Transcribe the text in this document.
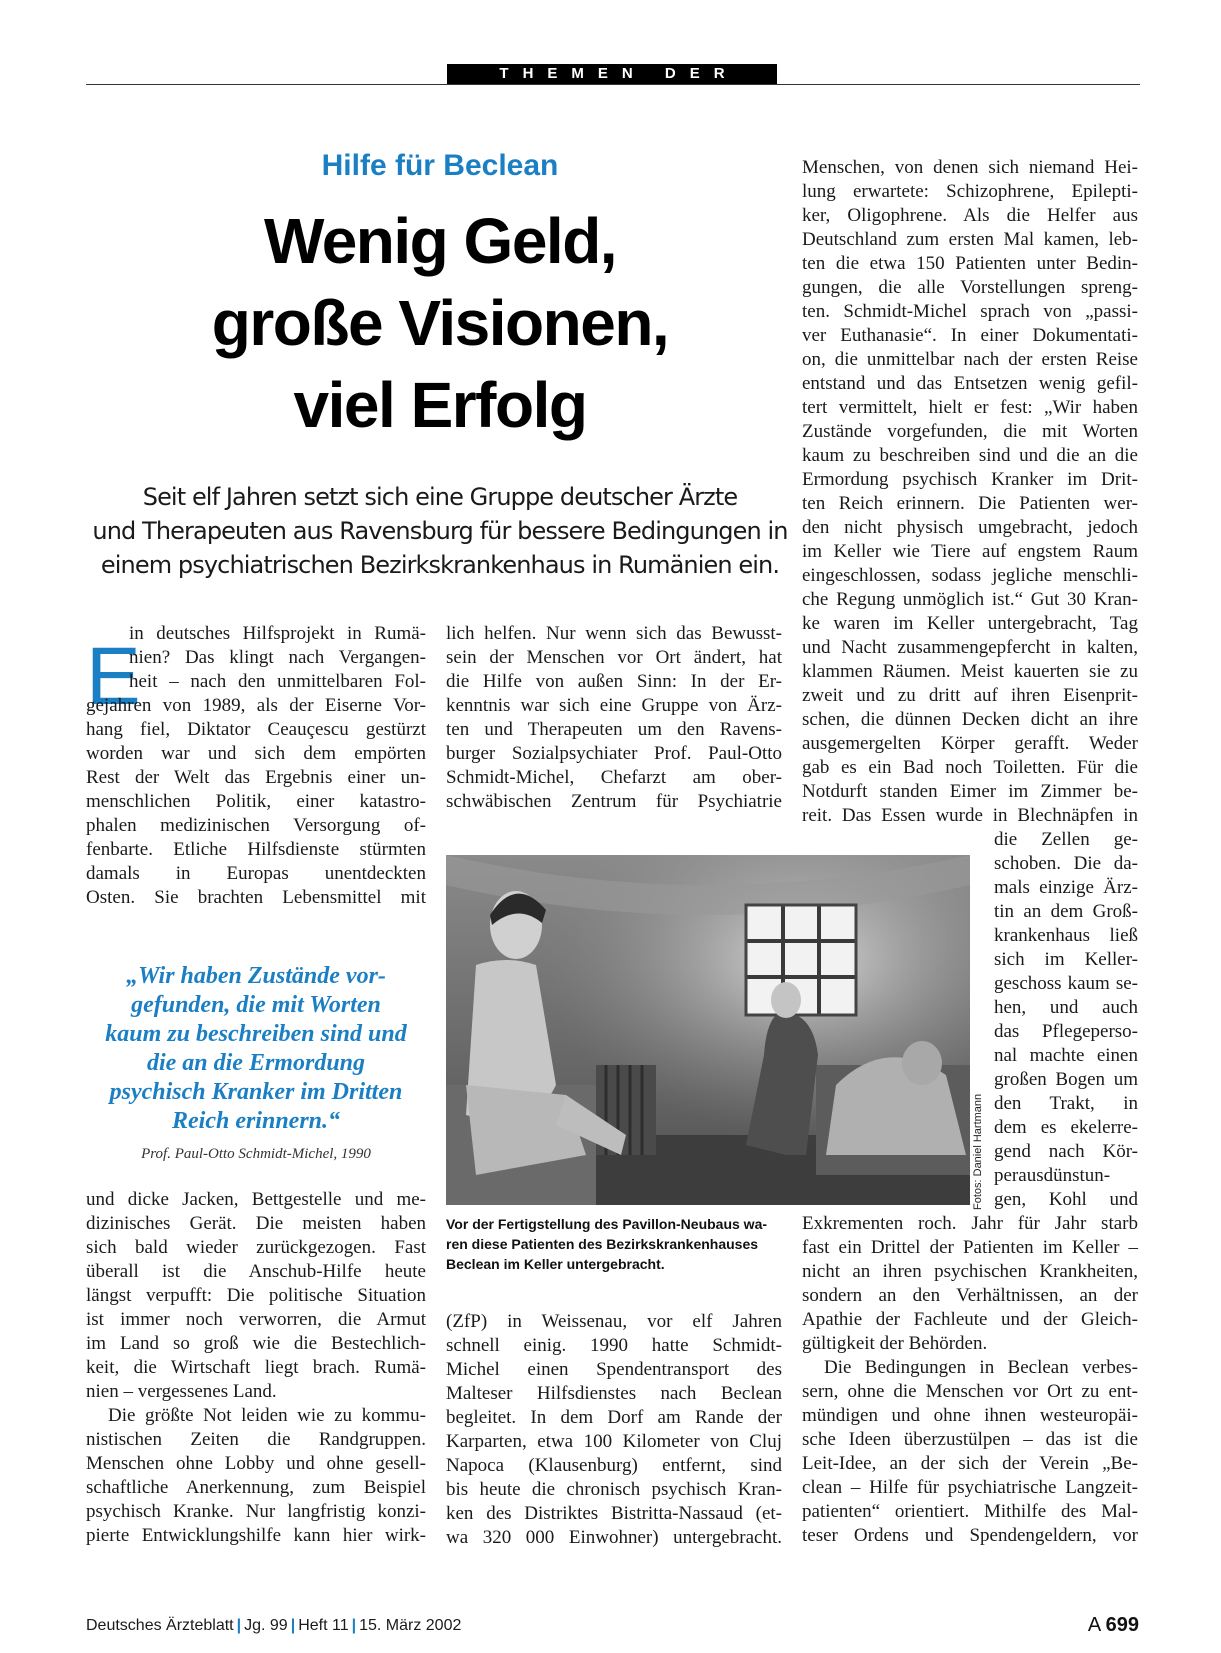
THEMEN DER ZEIT
Hilfe für Beclean
Wenig Geld,
große Visionen,
viel Erfolg
Seit elf Jahren setzt sich eine Gruppe deutscher Ärzte
und Therapeuten aus Ravensburg für bessere Bedingungen in
einem psychiatrischen Bezirkskrankenhaus in Rumänien ein.
E
in deutsches Hilfsprojekt in Rumä-
nien? Das klingt nach Vergangen-
heit – nach den unmittelbaren Fol-
gejahren von 1989, als der Eiserne Vor-
hang fiel, Diktator Ceauçescu gestürzt
worden war und sich dem empörten
Rest der Welt das Ergebnis einer un-
menschlichen Politik, einer katastro-
phalen medizinischen Versorgung of-
fenbarte. Etliche Hilfsdienste stürmten
damals in Europas unentdeckten
Osten. Sie brachten Lebensmittel mit
„Wir haben Zustände vor-
gefunden, die mit Worten
kaum zu beschreiben sind und
die an die Ermordung
psychisch Kranker im Dritten
Reich erinnern.“
Prof. Paul-Otto Schmidt-Michel, 1990
und dicke Jacken, Bettgestelle und me-
dizinisches Gerät. Die meisten haben
sich bald wieder zurückgezogen. Fast
überall ist die Anschub-Hilfe heute
längst verpufft: Die politische Situation
ist immer noch verworren, die Armut
im Land so groß wie die Bestechlich-
keit, die Wirtschaft liegt brach. Rumä-
nien – vergessenes Land.
Die größte Not leiden wie zu kommu-
nistischen Zeiten die Randgruppen.
Menschen ohne Lobby und ohne gesell-
schaftliche Anerkennung, zum Beispiel
psychisch Kranke. Nur langfristig konzi-
pierte Entwicklungshilfe kann hier wirk-
lich helfen. Nur wenn sich das Bewusst-
sein der Menschen vor Ort ändert, hat
die Hilfe von außen Sinn: In der Er-
kenntnis war sich eine Gruppe von Ärz-
ten und Therapeuten um den Ravens-
burger Sozialpsychiater Prof. Paul-Otto
Schmidt-Michel, Chefarzt am ober-
schwäbischen Zentrum für Psychiatrie
Fotos: Daniel Hartmann
Vor der Fertigstellung des Pavillon-Neubaus wa-
ren diese Patienten des Bezirkskrankenhauses
Beclean im Keller untergebracht.
(ZfP) in Weissenau, vor elf Jahren
schnell einig. 1990 hatte Schmidt-
Michel einen Spendentransport des
Malteser Hilfsdienstes nach Beclean
begleitet. In dem Dorf am Rande der
Karparten, etwa 100 Kilometer von Cluj
Napoca (Klausenburg) entfernt, sind
bis heute die chronisch psychisch Kran-
ken des Distriktes Bistritta-Nassaud (et-
wa 320 000 Einwohner) untergebracht.
Menschen, von denen sich niemand Hei-
lung erwartete: Schizophrene, Epilepti-
ker, Oligophrene. Als die Helfer aus
Deutschland zum ersten Mal kamen, leb-
ten die etwa 150 Patienten unter Bedin-
gungen, die alle Vorstellungen spreng-
ten. Schmidt-Michel sprach von „passi-
ver Euthanasie“. In einer Dokumentati-
on, die unmittelbar nach der ersten Reise
entstand und das Entsetzen wenig gefil-
tert vermittelt, hielt er fest: „Wir haben
Zustände vorgefunden, die mit Worten
kaum zu beschreiben sind und die an die
Ermordung psychisch Kranker im Drit-
ten Reich erinnern. Die Patienten wer-
den nicht physisch umgebracht, jedoch
im Keller wie Tiere auf engstem Raum
eingeschlossen, sodass jegliche menschli-
che Regung unmöglich ist.“ Gut 30 Kran-
ke waren im Keller untergebracht, Tag
und Nacht zusammengepfercht in kalten,
klammen Räumen. Meist kauerten sie zu
zweit und zu dritt auf ihren Eisenprit-
schen, die dünnen Decken dicht an ihre
ausgemergelten Körper gerafft. Weder
gab es ein Bad noch Toiletten. Für die
Notdurft standen Eimer im Zimmer be-
reit. Das Essen wurde in Blechnäpfen in
die Zellen ge-
schoben. Die da-
mals einzige Ärz-
tin an dem Groß-
krankenhaus ließ
sich im Keller-
geschoss kaum se-
hen, und auch
das Pflegeperso-
nal machte einen
großen Bogen um
den Trakt, in
dem es ekelerre-
gend nach Kör-
perausdünstun-
gen, Kohl und
Exkrementen roch. Jahr für Jahr starb
fast ein Drittel der Patienten im Keller –
nicht an ihren psychischen Krankheiten,
sondern an den Verhältnissen, an der
Apathie der Fachleute und der Gleich-
gültigkeit der Behörden.
Die Bedingungen in Beclean verbes-
sern, ohne die Menschen vor Ort zu ent-
mündigen und ohne ihnen westeuropäi-
sche Ideen überzustülpen – das ist die
Leit-Idee, an der sich der Verein „Be-
clean – Hilfe für psychiatrische Langzeit-
patienten“ orientiert. Mithilfe des Mal-
teser Ordens und Spendengeldern, vor
Deutsches Ärzteblatt | Jg. 99 | Heft 11 | 15. März 2002	A 699
